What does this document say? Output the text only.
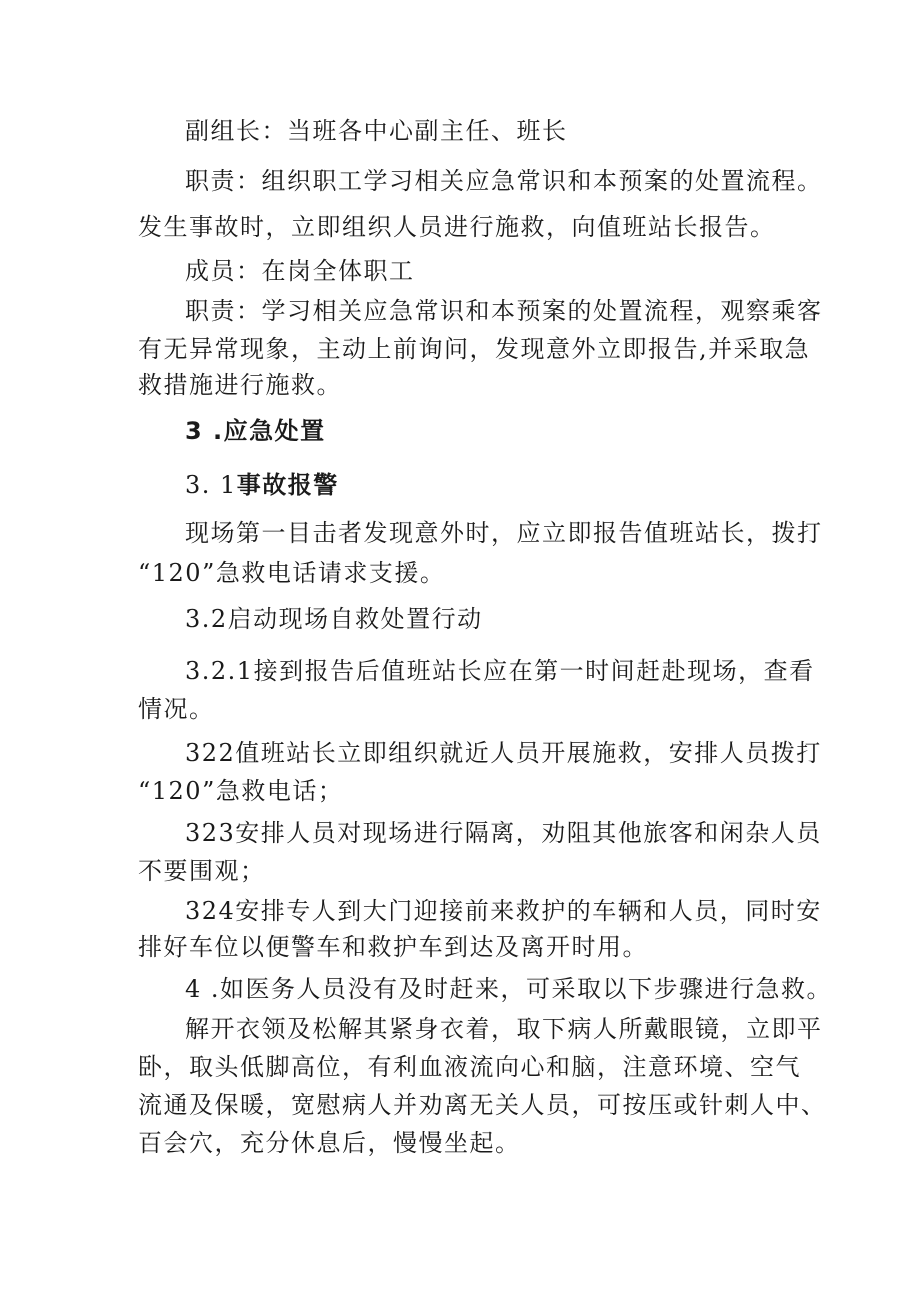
副组长：当班各中心副主任、班长
职责：组织职工学习相关应急常识和本预案的处置流程。
发生事故时，立即组织人员进行施救，向值班站长报告。
成员：在岗全体职工
职责：学习相关应急常识和本预案的处置流程，观察乘客
有无异常现象，主动上前询问，发现意外立即报告,并采取急
救措施进行施救。
3 .应急处置
3. 1事故报警
现场第一目击者发现意外时，应立即报告值班站长，拨打
“120”急救电话请求支援。
3.2启动现场自救处置行动
3.2.1接到报告后值班站长应在第一时间赶赴现场，查看
情况。
322值班站长立即组织就近人员开展施救，安排人员拨打
“120”急救电话；
323安排人员对现场进行隔离，劝阻其他旅客和闲杂人员
不要围观；
324安排专人到大门迎接前来救护的车辆和人员，同时安
排好车位以便警车和救护车到达及离开时用。
4 .如医务人员没有及时赶来，可采取以下步骤进行急救。
解开衣领及松解其紧身衣着，取下病人所戴眼镜，立即平
卧，取头低脚高位，有利血液流向心和脑，注意环境、空气
流通及保暖，宽慰病人并劝离无关人员，可按压或针刺人中、
百会穴，充分休息后，慢慢坐起。
